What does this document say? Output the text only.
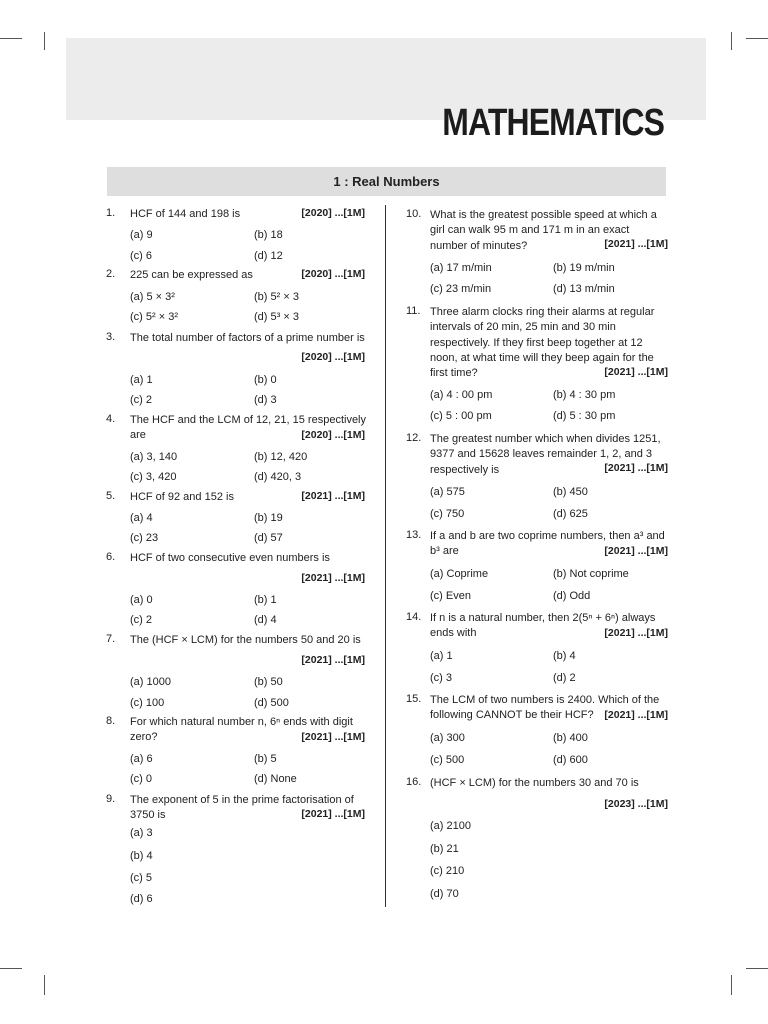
MATHEMATICS
1 : Real Numbers
1. HCF of 144 and 198 is	[2020] ...[1M]
(a) 9	(b) 18
(c) 6	(d) 12
2. 225 can be expressed as	[2020] ...[1M]
(a) 5 × 3²	(b) 5² × 3
(c) 5² × 3²	(d) 5³ × 3
3. The total number of factors of a prime number is
[2020] ...[1M]
(a) 1	(b) 0
(c) 2	(d) 3
4. The HCF and the LCM of 12, 21, 15 respectively are	[2020] ...[1M]
(a) 3, 140	(b) 12, 420
(c) 3, 420	(d) 420, 3
5. HCF of 92 and 152 is	[2021] ...[1M]
(a) 4	(b) 19
(c) 23	(d) 57
6. HCF of two consecutive even numbers is
[2021] ...[1M]
(a) 0	(b) 1
(c) 2	(d) 4
7. The (HCF × LCM) for the numbers 50 and 20 is
[2021] ...[1M]
(a) 1000	(b) 50
(c) 100	(d) 500
8. For which natural number n, 6ⁿ ends with digit zero?	[2021] ...[1M]
(a) 6	(b) 5
(c) 0	(d) None
9. The exponent of 5 in the prime factorisation of 3750 is	[2021] ...[1M]
(a) 3
(b) 4
(c) 5
(d) 6
10. What is the greatest possible speed at which a girl can walk 95 m and 171 m in an exact number of minutes?	[2021] ...[1M]
(a) 17 m/min	(b) 19 m/min
(c) 23 m/min	(d) 13 m/min
11. Three alarm clocks ring their alarms at regular intervals of 20 min, 25 min and 30 min respectively. If they first beep together at 12 noon, at what time will they beep again for the first time?	[2021] ...[1M]
(a) 4 : 00 pm	(b) 4 : 30 pm
(c) 5 : 00 pm	(d) 5 : 30 pm
12. The greatest number which when divides 1251, 9377 and 15628 leaves remainder 1, 2, and 3 respectively is	[2021] ...[1M]
(a) 575	(b) 450
(c) 750	(d) 625
13. If a and b are two coprime numbers, then a³ and b³ are	[2021] ...[1M]
(a) Coprime	(b) Not coprime
(c) Even	(d) Odd
14. If n is a natural number, then 2(5ⁿ + 6ⁿ) always ends with	[2021] ...[1M]
(a) 1	(b) 4
(c) 3	(d) 2
15. The LCM of two numbers is 2400. Which of the following CANNOT be their HCF?	[2021] ...[1M]
(a) 300	(b) 400
(c) 500	(d) 600
16. (HCF × LCM) for the numbers 30 and 70 is
[2023] ...[1M]
(a) 2100
(b) 21
(c) 210
(d) 70
